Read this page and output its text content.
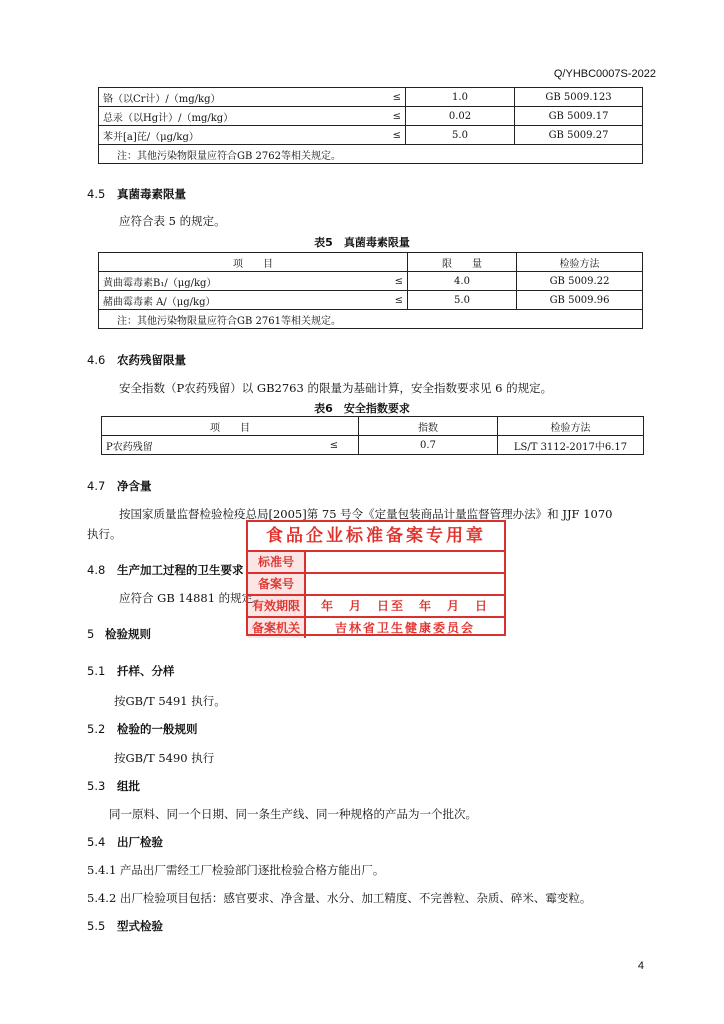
Q/YHBC0007S-2022
铬（以Cr计）/（mg/kg）	≤	1.0	GB 5009.123
总汞（以Hg计）/（mg/kg）	≤	0.02	GB 5009.17
苯并[a]芘/（μg/kg）	≤	5.0	GB 5009.27
注：其他污染物限量应符合GB 2762等相关规定。			
4.5 真菌毒素限量
应符合表 5 的规定。
表5　真菌毒素限量
项　　目		限　　量	检验方法
黄曲霉毒素B₁/（μg/kg）	≤	4.0	GB 5009.22
赭曲霉毒素 A/（μg/kg）	≤	5.0	GB 5009.96
注：其他污染物限量应符合GB 2761等相关规定。			
4.6 农药残留限量
安全指数（P农药残留）以 GB2763 的限量为基础计算，安全指数要求见 6 的规定。
表6　安全指数要求
项　　目		指数	检验方法
P农药残留	≤	0.7	LS/T 3112-2017中6.17
4.7 净含量
按国家质量监督检验检疫总局[2005]第 75 号令《定量包装商品计量监督管理办法》和 JJF 1070
执行。
4.8 生产加工过程的卫生要求
应符合 GB 14881 的规定。
5 检验规则
5.1 扦样、分样
按GB/T 5491 执行。
5.2 检验的一般规则
按GB/T 5490 执行
5.3 组批
同一原料、同一个日期、同一条生产线、同一种规格的产品为一个批次。
5.4 出厂检验
5.4.1 产品出厂需经工厂检验部门逐批检验合格方能出厂。
5.4.2 出厂检验项目包括：感官要求、净含量、水分、加工精度、不完善粒、杂质、碎米、霉变粒。
5.5 型式检验
食品企业标准备案专用章
标准号
备案号
有效期限	年　月　日至　年　月　日
备案机关	吉林省卫生健康委员会
4
